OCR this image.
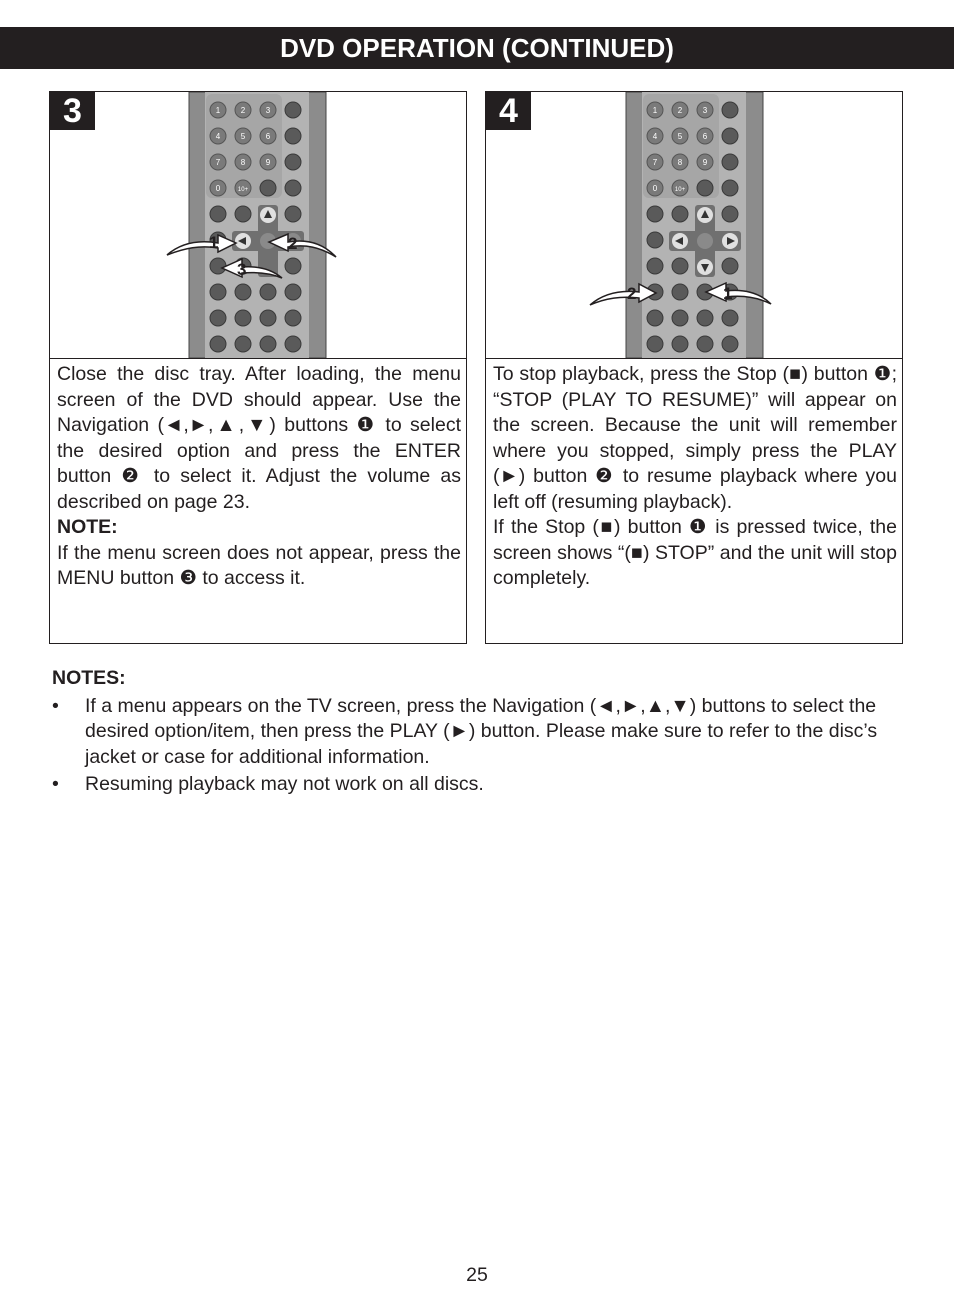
DVD OPERATION (CONTINUED)
1	2	3
4	5	6
7	8	9
0	10+
1	2
3
3

Close the disc tray. After loading, the menu screen of the DVD should appear. Use the Navigation (◄,►,▲,▼) buttons ❶ to select the desired option and press the ENTER button ❷ to select it. Adjust the volume as described on page 23.

NOTE:

If the menu screen does not appear, press the MENU button ❸ to access it.

1	2	3
4	5	6
7	8	9
0	10+
2	1
4

To stop playback, press the Stop (■) button ❶; “STOP (PLAY TO RESUME)” will appear on the screen. Because the unit will remember where you stopped, simply press the PLAY (►) button ❷ to resume playback where you left off (resuming playback).

If the Stop (■) button ❶ is pressed twice, the screen shows “(■) STOP” and the unit will stop completely.

NOTES:
• If a menu appears on the TV screen, press the Navigation (◄,►,▲,▼) buttons to select the desired option/item, then press the PLAY (►) button. Please make sure to refer to the disc’s jacket or case for additional information.
• Resuming playback may not work on all discs.
25
